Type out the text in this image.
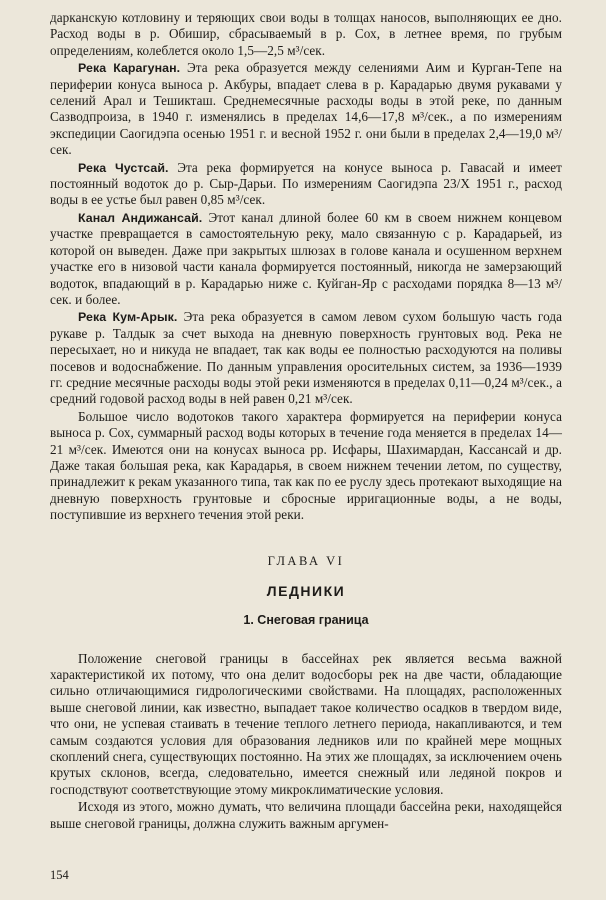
дарканскую котловину и теряющих свои воды в толщах наносов, выполняющих ее дно. Расход воды в р. Обишир, сбрасываемый в р. Сох, в летнее время, по грубым определениям, колеблется около 1,5—2,5 м³/сек.

Река Карагунан. Эта река образуется между селениями Аим и Курган-Тепе на периферии конуса выноса р. Акбуры, впадает слева в р. Карадарью двумя рукавами у селений Арал и Тешикташ. Среднемесячные расходы воды в этой реке, по данным Сазводпроиза, в 1940 г. изменялись в пределах 14,6—17,8 м³/сек., а по измерениям экспедиции Саогидэпа осенью 1951 г. и весной 1952 г. они были в пределах 2,4—19,0 м³/сек.

Река Чустсай. Эта река формируется на конусе выноса р. Гавасай и имеет постоянный водоток до р. Сыр-Дарьи. По измерениям Саогидэпа 23/X 1951 г., расход воды в ее устье был равен 0,85 м³/сек.

Канал Андижансай. Этот канал длиной более 60 км в своем нижнем концевом участке превращается в самостоятельную реку, мало связанную с р. Карадарьей, из которой он выведен. Даже при закрытых шлюзах в голове канала и осушенном верхнем участке его в низовой части канала формируется постоянный, никогда не замерзающий водоток, впадающий в р. Карадарью ниже с. Куйган-Яр с расходами порядка 8—13 м³/сек. и более.

Река Кум-Арык. Эта река образуется в самом левом сухом большую часть года рукаве р. Талдык за счет выхода на дневную поверхность грунтовых вод. Река не пересыхает, но и никуда не впадает, так как воды ее полностью расходуются на поливы посевов и водоснабжение. По данным управления оросительных систем, за 1936—1939 гг. средние месячные расходы воды этой реки изменяются в пределах 0,11—0,24 м³/сек., а средний годовой расход воды в ней равен 0,21 м³/сек.

Большое число водотоков такого характера формируется на периферии конуса выноса р. Сох, суммарный расход воды которых в течение года меняется в пределах 14—21 м³/сек. Имеются они на конусах выноса рр. Исфары, Шахимардан, Кассансай и др. Даже такая большая река, как Карадарья, в своем нижнем течении летом, по существу, принадлежит к рекам указанного типа, так как по ее руслу здесь протекают выходящие на дневную поверхность грунтовые и сбросные ирригационные воды, а не воды, поступившие из верхнего течения этой реки.

ГЛАВА VI
ЛЕДНИКИ
1. Снеговая граница

Положение снеговой границы в бассейнах рек является весьма важной характеристикой их потому, что она делит водосборы рек на две части, обладающие сильно отличающимися гидрологическими свойствами. На площадях, расположенных выше снеговой линии, как известно, выпадает такое количество осадков в твердом виде, что они, не успевая стаивать в течение теплого летнего периода, накапливаются, и тем самым создаются условия для образования ледников или по крайней мере мощных скоплений снега, существующих постоянно. На этих же площадях, за исключением очень крутых склонов, всегда, следовательно, имеется снежный или ледяной покров и господствуют соответствующие этому микроклиматические условия.

Исходя из этого, можно думать, что величина площади бассейна реки, находящейся выше снеговой границы, должна служить важным аргумен-

154
